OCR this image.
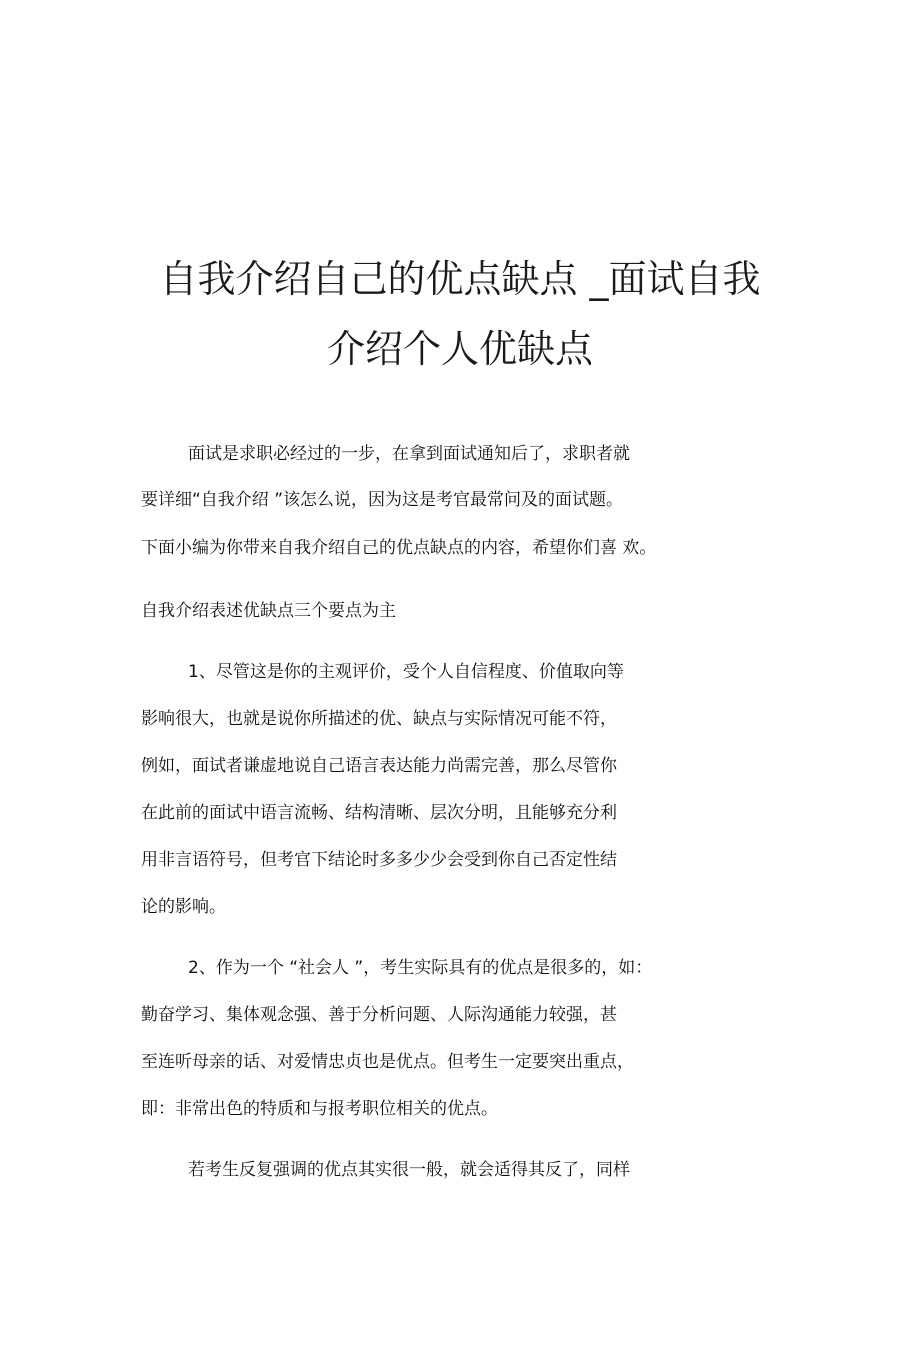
自我介绍自己的优点缺点 _面试自我
介绍个人优缺点
面试是求职必经过的一步，在拿到面试通知后了，求职者就
要详细“自我介绍 ”该怎么说，因为这是考官最常问及的面试题。
下面小编为你带来自我介绍自己的优点缺点的内容，希望你们喜 欢。
自我介绍表述优缺点三个要点为主
1、尽管这是你的主观评价，受个人自信程度、价值取向等
影响很大，也就是说你所描述的优、缺点与实际情况可能不符，
例如，面试者谦虚地说自己语言表达能力尚需完善，那么尽管你
在此前的面试中语言流畅、结构清晰、层次分明，且能够充分利
用非言语符号，但考官下结论时多多少少会受到你自己否定性结
论的影响。
2、作为一个 “社会人 ”，考生实际具有的优点是很多的，如：
勤奋学习、集体观念强、善于分析问题、人际沟通能力较强，甚
至连听母亲的话、对爱情忠贞也是优点。但考生一定要突出重点，
即：非常出色的特质和与报考职位相关的优点。
若考生反复强调的优点其实很一般，就会适得其反了，同样
